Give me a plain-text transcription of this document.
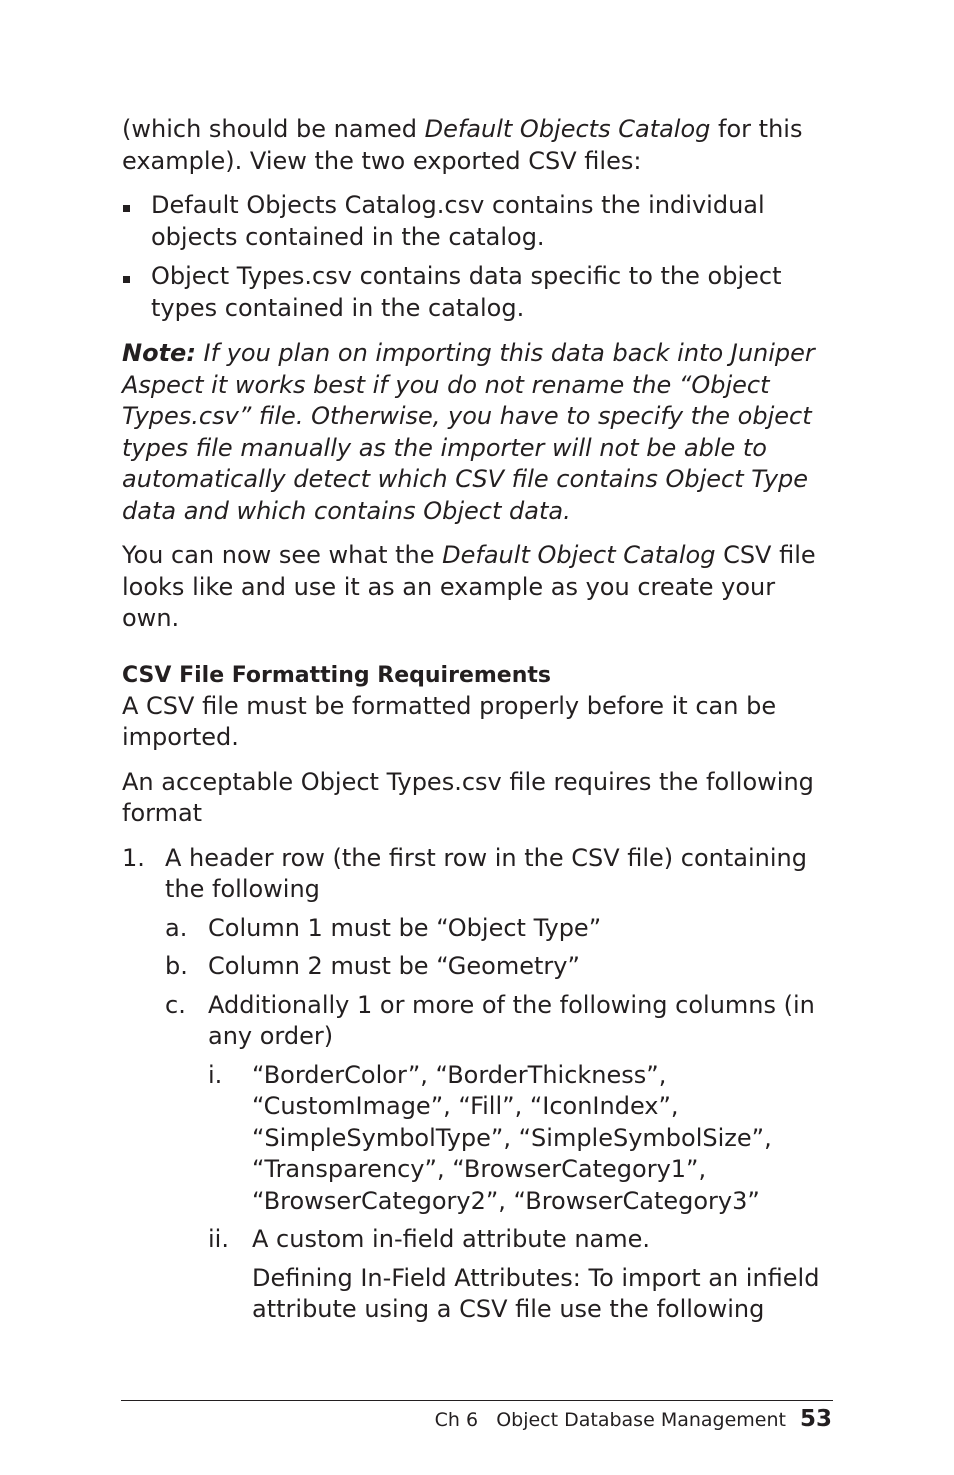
(which should be named Default Objects Catalog for this example). View the two exported CSV files:

Default Objects Catalog.csv contains the individual objects contained in the catalog.
Object Types.csv contains data specific to the object types contained in the catalog.

Note: If you plan on importing this data back into Juniper Aspect it works best if you do not rename the “Object Types.csv” file. Otherwise, you have to specify the object types file manually as the importer will not be able to automatically detect which CSV file contains Object Type data and which contains Object data.

You can now see what the Default Object Catalog CSV file looks like and use it as an example as you create your own.

CSV File Formatting Requirements

A CSV file must be formatted properly before it can be imported.

An acceptable Object Types.csv file requires the following format

1. A header row (the first row in the CSV file) containing the following
a. Column 1 must be “Object Type”
b. Column 2 must be “Geometry”
c. Additionally 1 or more of the following columns (in any order)
i. “BorderColor”, “BorderThickness”, “CustomImage”, “Fill”, “IconIndex”, “SimpleSymbolType”, “SimpleSymbolSize”, “Transparency”, “BrowserCategory1”, “BrowserCategory2”, “BrowserCategory3”
ii. A custom in-field attribute name.

Defining In-Field Attributes: To import an infield attribute using a CSV file use the following

Ch 6   Object Database Management 53
